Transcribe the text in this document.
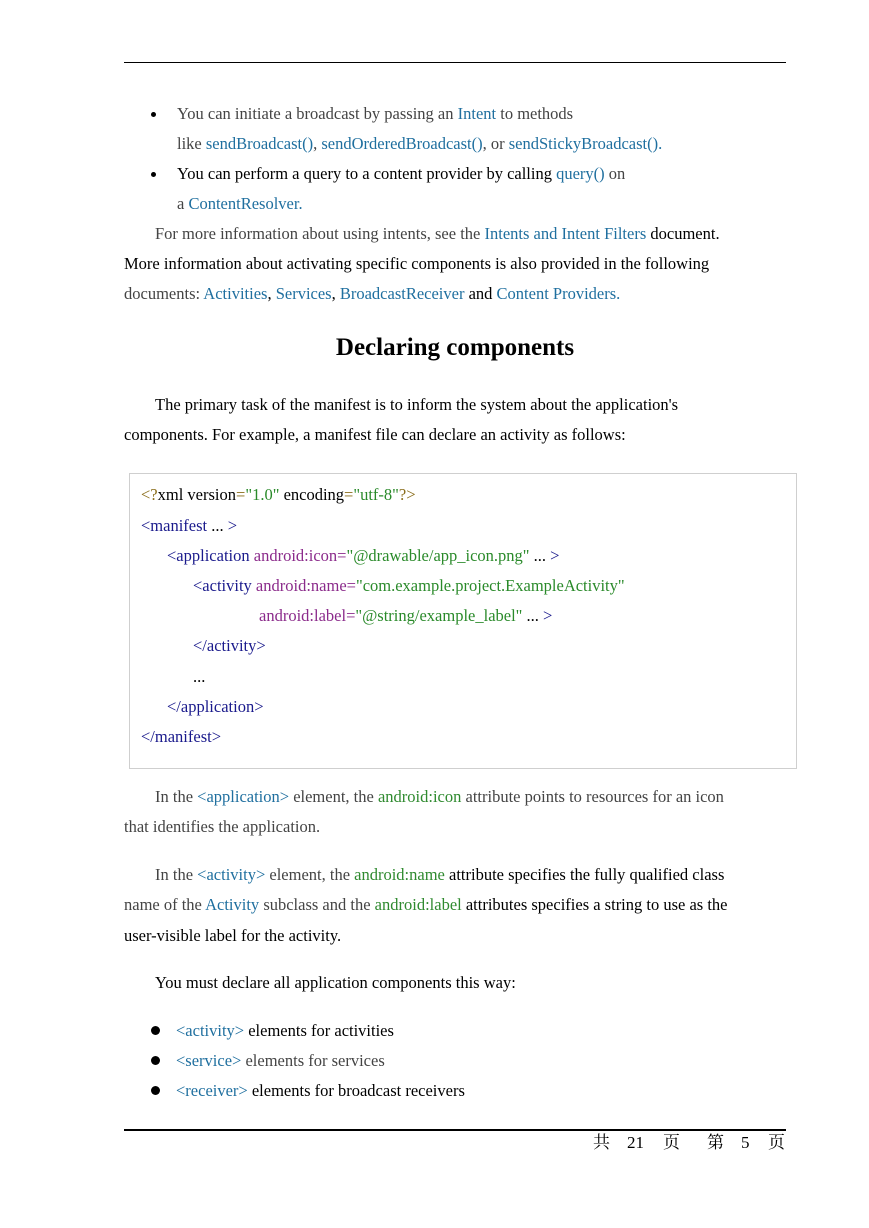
You can initiate a broadcast by passing an Intent to methods
like sendBroadcast(), sendOrderedBroadcast(), or sendStickyBroadcast().
You can perform a query to a content provider by calling query() on
a ContentResolver.
For more information about using intents, see the Intents and Intent Filters document.
More information about activating specific components is also provided in the following
documents: Activities, Services, BroadcastReceiver and Content Providers.
Declaring components
The primary task of the manifest is to inform the system about the application's
components. For example, a manifest file can declare an activity as follows:
<?xml version="1.0" encoding="utf-8"?>
<manifest ... >
<application android:icon="@drawable/app_icon.png" ... >
<activity android:name="com.example.project.ExampleActivity"
android:label="@string/example_label" ... >
</activity>
...
</application>
</manifest>
In the <application> element, the android:icon attribute points to resources for an icon
that identifies the application.
In the <activity> element, the android:name attribute specifies the fully qualified class
name of the Activity subclass and the android:label attributes specifies a string to use as the
user-visible label for the activity.
You must declare all application components this way:
<activity> elements for activities
<service> elements for services
<receiver> elements for broadcast receivers
共 21 页 第 5 页
